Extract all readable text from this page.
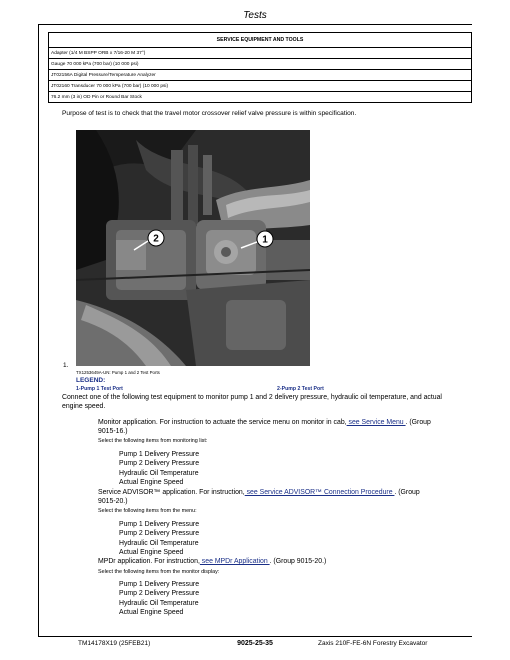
Tests
SERVICE EQUIPMENT AND TOOLS
Adapter (1/4 M BSPP ORB x 7/16-20 M 37°)
Gauge 70 000 kPa (700 bar) (10 000 psi)
JT02156A Digital Pressure/Temperature Analyzer
JT02160 Transducer 70 000 kPa (700 bar) (10 000 psi)
76.2 mm (3 in) OD Pin or Round Bar Stock
Purpose of test is to check that the travel motor crossover relief valve pressure is within specification.
2	1
1.
TX1253649A-UN: Pump 1 and 2 Test Ports
LEGEND:
1-Pump 1 Test Port	2-Pump 2 Test Port
Connect one of the following test equipment to monitor pump 1 and 2 delivery pressure, hydraulic oil temperature, and actual
engine speed.
Monitor application. For instruction to actuate the service menu on monitor in cab, see Service Menu . (Group
9015-16.)
Select the following items from monitoring list:
Pump 1 Delivery Pressure
Pump 2 Delivery Pressure
Hydraulic Oil Temperature
Actual Engine Speed
Service ADVISOR™ application. For instruction, see Service ADVISOR™ Connection Procedure . (Group
9015-20.)
Select the following items from the menu:
Pump 1 Delivery Pressure
Pump 2 Delivery Pressure
Hydraulic Oil Temperature
Actual Engine Speed
MPDr application. For instruction, see MPDr Application . (Group 9015-20.)
Select the following items from the monitor display:
Pump 1 Delivery Pressure
Pump 2 Delivery Pressure
Hydraulic Oil Temperature
Actual Engine Speed
TM14178X19 (25FEB21)	9025-25-35	Zaxis 210F-FE-6N Forestry Excavator
